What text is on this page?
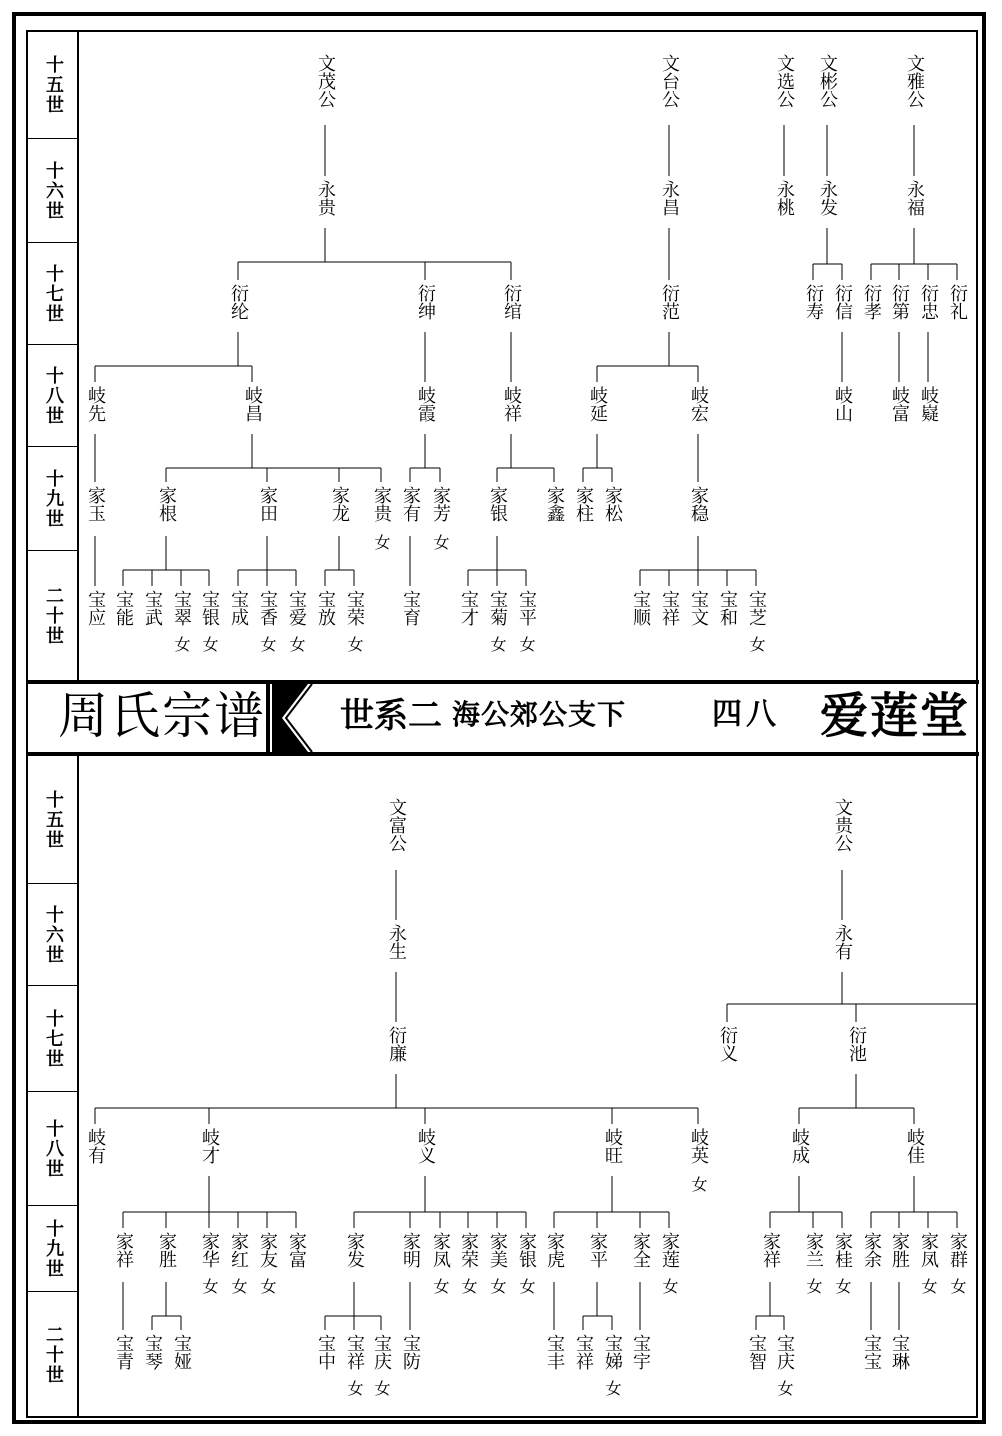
十五世
十六世
十七世
十八世
十九世
二十世
十五世
十六世
十七世
十八世
十九世
二十世
周氏宗谱 世系二 海公郊公支下	四八 爱莲堂
文茂公	文台公	文选公 文彬公	文雅公
永贵	永昌	永桃 永发	永福
衍纶	衍绅	衍绾	衍范	衍寿 衍信 衍孝 衍第 衍忠 衍礼
岐先	岐昌	岐霞	岐祥	岐延	岐宏	岐山 岐富 岐嶷
家玉	家根	家田	家龙 家贵
女
家有 家芳
女
家银 家鑫 家柱 家松	家稳
宝应 宝能 宝武 宝翠
女
宝银
女
宝成 宝香
女
宝爱
女
宝放 宝荣
女
宝育 宝才 宝菊
女
宝平
女
宝顺 宝祥 宝文 宝和 宝芝
女
文富公	文贵公
永生	永有
衍廉	衍义	衍池
岐有	岐才	岐义	岐旺	岐英
女
岐成	岐佳
家祥 家胜 家华
女
家红
女
家友
女
家富 家发 家明 家凤
女
家荣
女
家美
女
家银
女
家虎 家平 家全 家莲
女
家祥 家兰
女
家桂
女
家余 家胜 家凤
女
家群
女
宝青 宝琴 宝娅	宝中 宝祥
女
宝庆
女
宝防	宝丰 宝祥 宝娣
女
宝宇	宝智 宝庆
女
宝宝 宝琳
